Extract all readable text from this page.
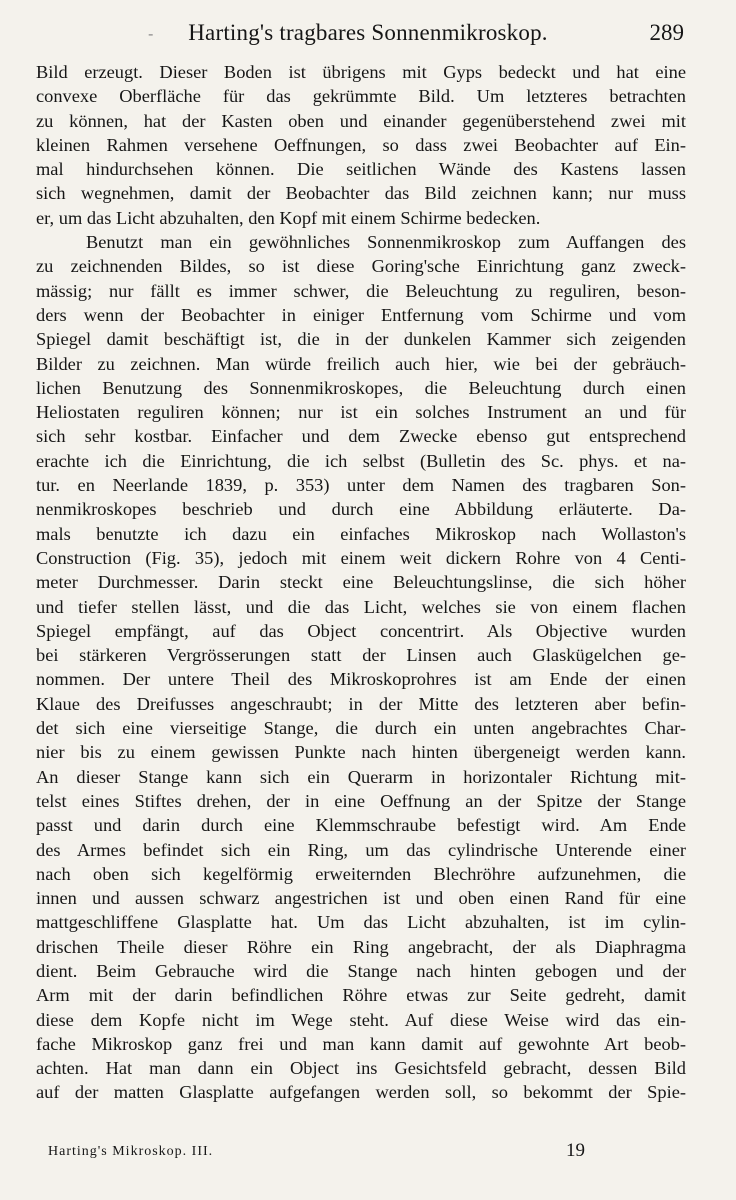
-	Harting's tragbares Sonnenmikroskop.	289
Bild erzeugt. Dieser Boden ist übrigens mit Gyps bedeckt und hat eine
convexe Oberfläche für das gekrümmte Bild. Um letzteres betrachten
zu können, hat der Kasten oben und einander gegenüberstehend zwei mit
kleinen Rahmen versehene Oeffnungen, so dass zwei Beobachter auf Ein-
mal hindurchsehen können. Die seitlichen Wände des Kastens lassen
sich wegnehmen, damit der Beobachter das Bild zeichnen kann; nur muss
er, um das Licht abzuhalten, den Kopf mit einem Schirme bedecken.
Benutzt man ein gewöhnliches Sonnenmikroskop zum Auffangen des
zu zeichnenden Bildes, so ist diese Goring'sche Einrichtung ganz zweck-
mässig; nur fällt es immer schwer, die Beleuchtung zu reguliren, beson-
ders wenn der Beobachter in einiger Entfernung vom Schirme und vom
Spiegel damit beschäftigt ist, die in der dunkelen Kammer sich zeigenden
Bilder zu zeichnen. Man würde freilich auch hier, wie bei der gebräuch-
lichen Benutzung des Sonnenmikroskopes, die Beleuchtung durch einen
Heliostaten reguliren können; nur ist ein solches Instrument an und für
sich sehr kostbar. Einfacher und dem Zwecke ebenso gut entsprechend
erachte ich die Einrichtung, die ich selbst (Bulletin des Sc. phys. et na-
tur. en Neerlande 1839, p. 353) unter dem Namen des tragbaren Son-
nenmikroskopes beschrieb und durch eine Abbildung erläuterte. Da-
mals benutzte ich dazu ein einfaches Mikroskop nach Wollaston's
Construction (Fig. 35), jedoch mit einem weit dickern Rohre von 4 Centi-
meter Durchmesser. Darin steckt eine Beleuchtungslinse, die sich höher
und tiefer stellen lässt, und die das Licht, welches sie von einem flachen
Spiegel empfängt, auf das Object concentrirt. Als Objective wurden
bei stärkeren Vergrösserungen statt der Linsen auch Glaskügelchen ge-
nommen. Der untere Theil des Mikroskoprohres ist am Ende der einen
Klaue des Dreifusses angeschraubt; in der Mitte des letzteren aber befin-
det sich eine vierseitige Stange, die durch ein unten angebrachtes Char-
nier bis zu einem gewissen Punkte nach hinten übergeneigt werden kann.
An dieser Stange kann sich ein Querarm in horizontaler Richtung mit-
telst eines Stiftes drehen, der in eine Oeffnung an der Spitze der Stange
passt und darin durch eine Klemmschraube befestigt wird. Am Ende
des Armes befindet sich ein Ring, um das cylindrische Unterende einer
nach oben sich kegelförmig erweiternden Blechröhre aufzunehmen, die
innen und aussen schwarz angestrichen ist und oben einen Rand für eine
mattgeschliffene Glasplatte hat. Um das Licht abzuhalten, ist im cylin-
drischen Theile dieser Röhre ein Ring angebracht, der als Diaphragma
dient. Beim Gebrauche wird die Stange nach hinten gebogen und der
Arm mit der darin befindlichen Röhre etwas zur Seite gedreht, damit
diese dem Kopfe nicht im Wege steht. Auf diese Weise wird das ein-
fache Mikroskop ganz frei und man kann damit auf gewohnte Art beob-
achten. Hat man dann ein Object ins Gesichtsfeld gebracht, dessen Bild
auf der matten Glasplatte aufgefangen werden soll, so bekommt der Spie-
Harting's Mikroskop. III.	19
